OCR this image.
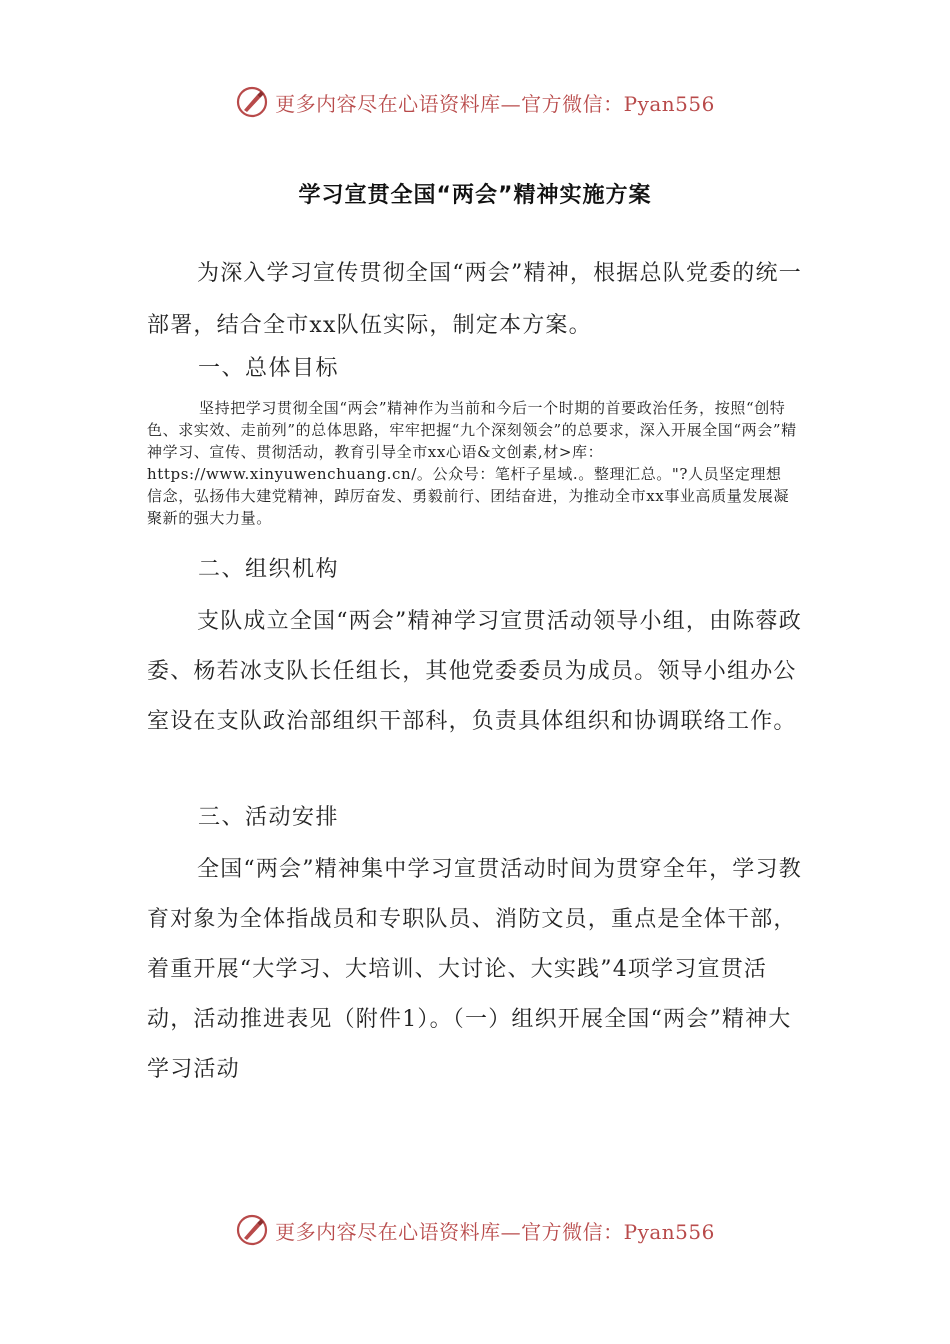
更多内容尽在心语资料库—官方微信：Pyan556
学习宣贯全国“两会”精神实施方案
为深入学习宣传贯彻全国“两会”精神，根据总队党委的统一部署，结合全市xx队伍实际，制定本方案。
一、总体目标
坚持把学习贯彻全国“两会”精神作为当前和今后一个时期的首要政治任务，按照“创特色、求实效、走前列”的总体思路，牢牢把握“九个深刻领会”的总要求，深入开展全国“两会”精神学习、宣传、贯彻活动，教育引导全市xx心语&文创素,材>库：https://www.xinyuwenchuang.cn/。公众号：笔杆子星域.。整理汇总。"?人员坚定理想信念，弘扬伟大建党精神，踔厉奋发、勇毅前行、团结奋进，为推动全市xx事业高质量发展凝聚新的强大力量。
二、组织机构
支队成立全国“两会”精神学习宣贯活动领导小组，由陈蓉政委、杨若冰支队长任组长，其他党委委员为成员。领导小组办公室设在支队政治部组织干部科，负责具体组织和协调联络工作。
三、活动安排
全国“两会”精神集中学习宣贯活动时间为贯穿全年，学习教育对象为全体指战员和专职队员、消防文员，重点是全体干部，着重开展“大学习、大培训、大讨论、大实践”4项学习宣贯活动，活动推进表见（附件1）。（一）组织开展全国“两会”精神大学习活动
更多内容尽在心语资料库—官方微信：Pyan556
